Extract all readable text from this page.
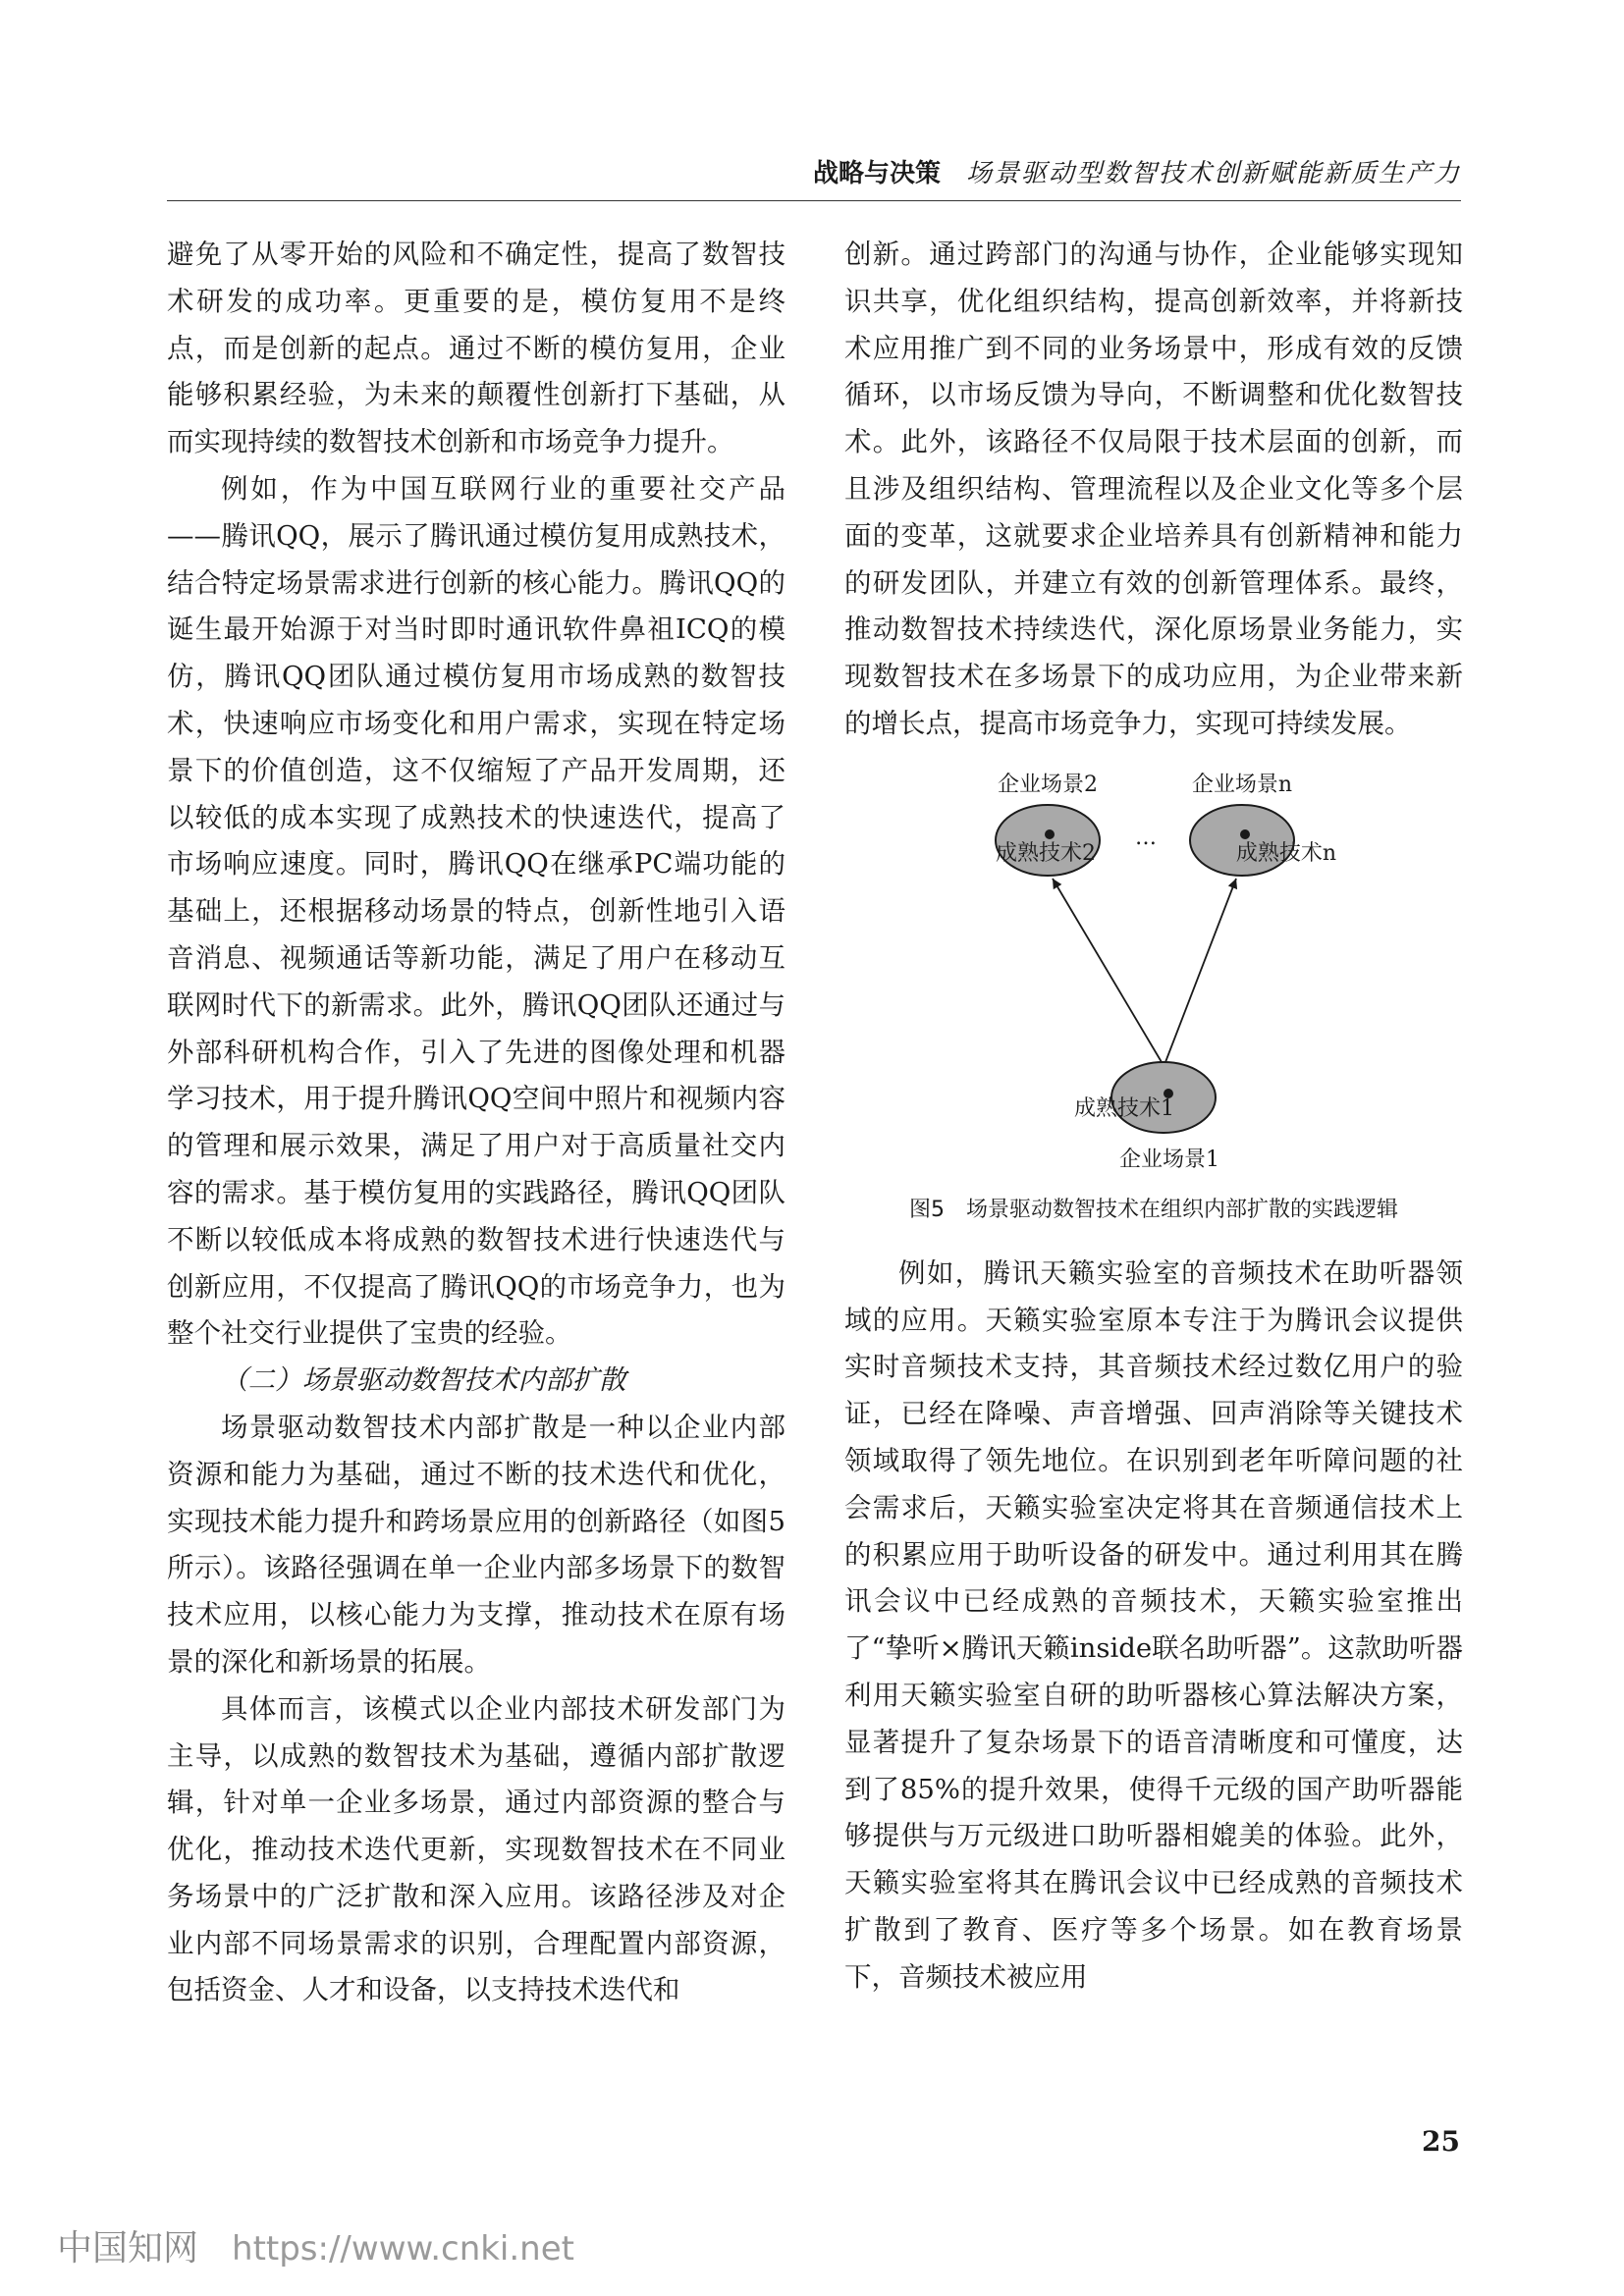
战略与决策 场景驱动型数智技术创新赋能新质生产力

避免了从零开始的风险和不确定性，提高了数智技术研发的成功率。更重要的是，模仿复用不是终点，而是创新的起点。通过不断的模仿复用，企业能够积累经验，为未来的颠覆性创新打下基础，从而实现持续的数智技术创新和市场竞争力提升。

例如，作为中国互联网行业的重要社交产品——腾讯QQ，展示了腾讯通过模仿复用成熟技术，结合特定场景需求进行创新的核心能力。腾讯QQ的诞生最开始源于对当时即时通讯软件鼻祖ICQ的模仿，腾讯QQ团队通过模仿复用市场成熟的数智技术，快速响应市场变化和用户需求，实现在特定场景下的价值创造，这不仅缩短了产品开发周期，还以较低的成本实现了成熟技术的快速迭代，提高了市场响应速度。同时，腾讯QQ在继承PC端功能的基础上，还根据移动场景的特点，创新性地引入语音消息、视频通话等新功能，满足了用户在移动互联网时代下的新需求。此外，腾讯QQ团队还通过与外部科研机构合作，引入了先进的图像处理和机器学习技术，用于提升腾讯QQ空间中照片和视频内容的管理和展示效果，满足了用户对于高质量社交内容的需求。基于模仿复用的实践路径，腾讯QQ团队不断以较低成本将成熟的数智技术进行快速迭代与创新应用，不仅提高了腾讯QQ的市场竞争力，也为整个社交行业提供了宝贵的经验。

（二）场景驱动数智技术内部扩散

场景驱动数智技术内部扩散是一种以企业内部资源和能力为基础，通过不断的技术迭代和优化，实现技术能力提升和跨场景应用的创新路径（如图5所示）。该路径强调在单一企业内部多场景下的数智技术应用，以核心能力为支撑，推动技术在原有场景的深化和新场景的拓展。

具体而言，该模式以企业内部技术研发部门为主导，以成熟的数智技术为基础，遵循内部扩散逻辑，针对单一企业多场景，通过内部资源的整合与优化，推动技术迭代更新，实现数智技术在不同业务场景中的广泛扩散和深入应用。该路径涉及对企业内部不同场景需求的识别，合理配置内部资源，包括资金、人才和设备，以支持技术迭代和

创新。通过跨部门的沟通与协作，企业能够实现知识共享，优化组织结构，提高创新效率，并将新技术应用推广到不同的业务场景中，形成有效的反馈循环，以市场反馈为导向，不断调整和优化数智技术。此外，该路径不仅局限于技术层面的创新，而且涉及组织结构、管理流程以及企业文化等多个层面的变革，这就要求企业培养具有创新精神和能力的研发团队，并建立有效的创新管理体系。最终，推动数智技术持续迭代，深化原场景业务能力，实现数智技术在多场景下的成功应用，为企业带来新的增长点，提高市场竞争力，实现可持续发展。

企业场景2	企业场景n
…
成熟技术2	成熟技术n
成熟技术1
企业场景1
图5　场景驱动数智技术在组织内部扩散的实践逻辑

例如，腾讯天籁实验室的音频技术在助听器领域的应用。天籁实验室原本专注于为腾讯会议提供实时音频技术支持，其音频技术经过数亿用户的验证，已经在降噪、声音增强、回声消除等关键技术领域取得了领先地位。在识别到老年听障问题的社会需求后，天籁实验室决定将其在音频通信技术上的积累应用于助听设备的研发中。通过利用其在腾讯会议中已经成熟的音频技术，天籁实验室推出了“挚听×腾讯天籁inside联名助听器”。这款助听器利用天籁实验室自研的助听器核心算法解决方案，显著提升了复杂场景下的语音清晰度和可懂度，达到了85%的提升效果，使得千元级的国产助听器能够提供与万元级进口助听器相媲美的体验。此外，天籁实验室将其在腾讯会议中已经成熟的音频技术扩散到了教育、医疗等多个场景。如在教育场景下，音频技术被应用

25
中国知网 https://www.cnki.net
